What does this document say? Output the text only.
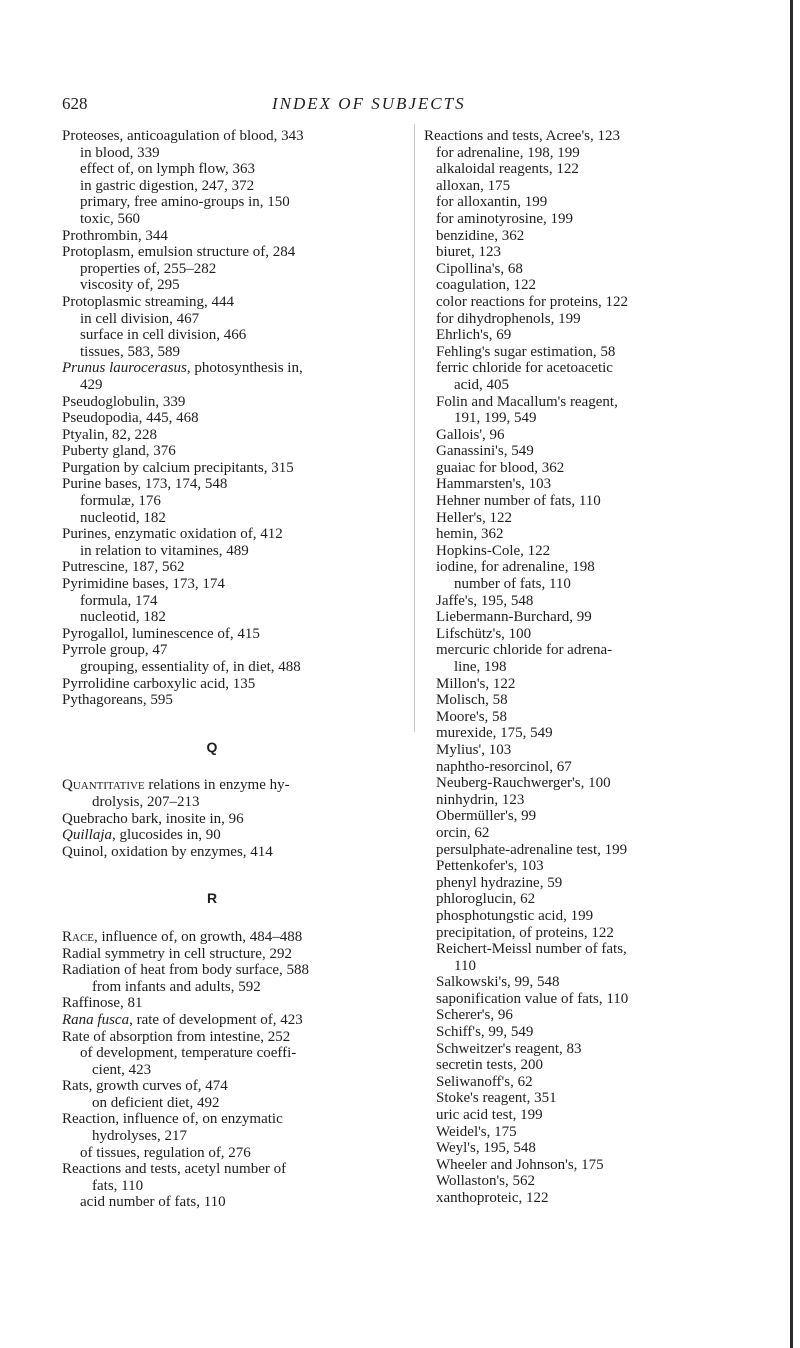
628	INDEX OF SUBJECTS
Proteoses, anticoagulation of blood, 343
in blood, 339
effect of, on lymph flow, 363
in gastric digestion, 247, 372
primary, free amino-groups in, 150
toxic, 560
Prothrombin, 344
Protoplasm, emulsion structure of, 284
properties of, 255–282
viscosity of, 295
Protoplasmic streaming, 444
in cell division, 467
surface in cell division, 466
tissues, 583, 589
Prunus laurocerasus, photosynthesis in,
429
Pseudoglobulin, 339
Pseudopodia, 445, 468
Ptyalin, 82, 228
Puberty gland, 376
Purgation by calcium precipitants, 315
Purine bases, 173, 174, 548
formulæ, 176
nucleotid, 182
Purines, enzymatic oxidation of, 412
in relation to vitamines, 489
Putrescine, 187, 562
Pyrimidine bases, 173, 174
formula, 174
nucleotid, 182
Pyrogallol, luminescence of, 415
Pyrrole group, 47
grouping, essentiality of, in diet, 488
Pyrrolidine carboxylic acid, 135
Pythagoreans, 595
Q
Quantitative relations in enzyme hy-
drolysis, 207–213
Quebracho bark, inosite in, 96
Quillaja, glucosides in, 90
Quinol, oxidation by enzymes, 414
R
Race, influence of, on growth, 484–488
Radial symmetry in cell structure, 292
Radiation of heat from body surface, 588
from infants and adults, 592
Raffinose, 81
Rana fusca, rate of development of, 423
Rate of absorption from intestine, 252
of development, temperature coeffi-
cient, 423
Rats, growth curves of, 474
on deficient diet, 492
Reaction, influence of, on enzymatic
hydrolyses, 217
of tissues, regulation of, 276
Reactions and tests, acetyl number of
fats, 110
acid number of fats, 110
Reactions and tests, Acree's, 123
for adrenaline, 198, 199
alkaloidal reagents, 122
alloxan, 175
for alloxantin, 199
for aminotyrosine, 199
benzidine, 362
biuret, 123
Cipollina's, 68
coagulation, 122
color reactions for proteins, 122
for dihydrophenols, 199
Ehrlich's, 69
Fehling's sugar estimation, 58
ferric chloride for acetoacetic
acid, 405
Folin and Macallum's reagent,
191, 199, 549
Gallois', 96
Ganassini's, 549
guaiac for blood, 362
Hammarsten's, 103
Hehner number of fats, 110
Heller's, 122
hemin, 362
Hopkins-Cole, 122
iodine, for adrenaline, 198
number of fats, 110
Jaffe's, 195, 548
Liebermann-Burchard, 99
Lifschütz's, 100
mercuric chloride for adrena-
line, 198
Millon's, 122
Molisch, 58
Moore's, 58
murexide, 175, 549
Mylius', 103
naphtho-resorcinol, 67
Neuberg-Rauchwerger's, 100
ninhydrin, 123
Obermüller's, 99
orcin, 62
persulphate-adrenaline test, 199
Pettenkofer's, 103
phenyl hydrazine, 59
phloroglucin, 62
phosphotungstic acid, 199
precipitation, of proteins, 122
Reichert-Meissl number of fats,
110
Salkowski's, 99, 548
saponification value of fats, 110
Scherer's, 96
Schiff's, 99, 549
Schweitzer's reagent, 83
secretin tests, 200
Seliwanoff's, 62
Stoke's reagent, 351
uric acid test, 199
Weidel's, 175
Weyl's, 195, 548
Wheeler and Johnson's, 175
Wollaston's, 562
xanthoproteic, 122
